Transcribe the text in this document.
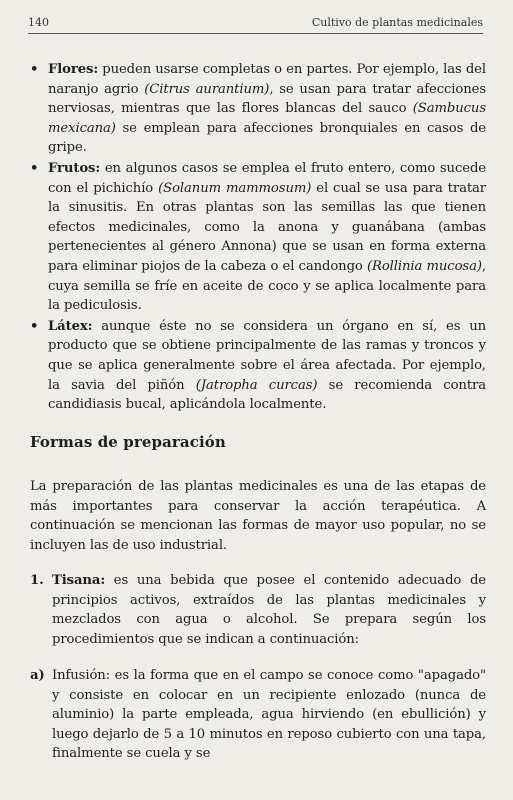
140	Cultivo de plantas medicinales
• Flores: pueden usarse completas o en partes. Por ejemplo, las del naranjo agrio (Citrus aurantium), se usan para tratar afecciones nerviosas, mientras que las flores blancas del sauco (Sambucus mexicana) se emplean para afecciones bronquiales en casos de gripe.
• Frutos: en algunos casos se emplea el fruto entero, como sucede con el pichichío (Solanum mammosum) el cual se usa para tratar la sinusitis. En otras plantas son las semillas las que tienen efectos medicinales, como la anona y guanábana (ambas pertenecientes al género Annona) que se usan en forma externa para eliminar piojos de la cabeza o el candongo (Rollinia mucosa), cuya semilla se fríe en aceite de coco y se aplica localmente para la pediculosis.
• Látex: aunque éste no se considera un órgano en sí, es un producto que se obtiene principalmente de las ramas y troncos y que se aplica generalmente sobre el área afectada. Por ejemplo, la savia del piñón (Jatropha curcas) se recomienda contra candidiasis bucal, aplicándola localmente.
Formas de preparación
La preparación de las plantas medicinales es una de las etapas de más importantes para conservar la acción terapéutica. A continuación se mencionan las formas de mayor uso popular, no se incluyen las de uso industrial.
1. Tisana: es una bebida que posee el contenido adecuado de principios activos, extraídos de las plantas medicinales y mezclados con agua o alcohol. Se prepara según los procedimientos que se indican a continuación:
a) Infusión: es la forma que en el campo se conoce como "apagado" y consiste en colocar en un recipiente enlozado (nunca de aluminio) la parte empleada, agua hirviendo (en ebullición) y luego dejarlo de 5 a 10 minutos en reposo cubierto con una tapa, finalmente se cuela y se
